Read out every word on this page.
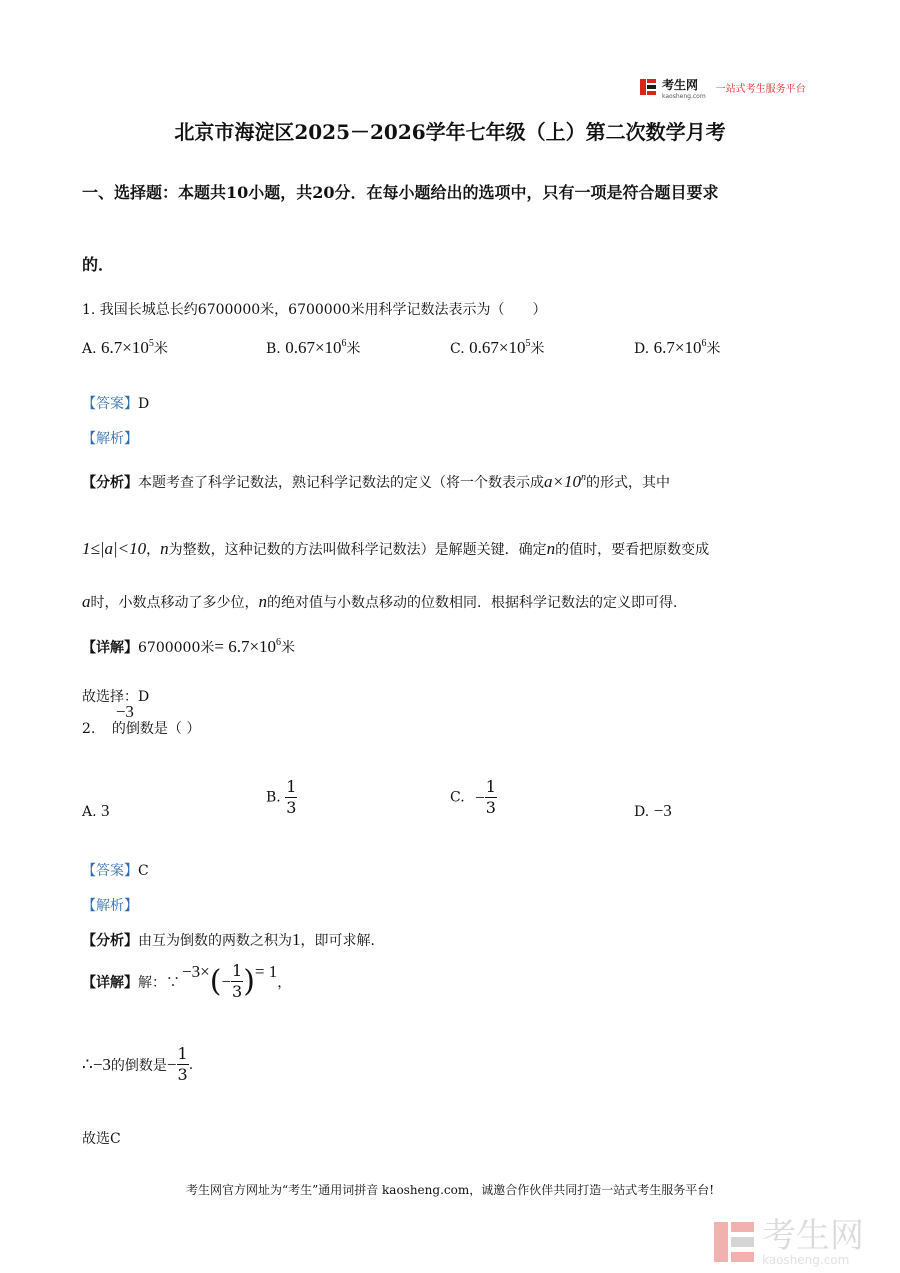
考生网
kaosheng.com
一站式考生服务平台
北京市海淀区2025－2026学年七年级（上）第二次数学月考
一、选择题：本题共10小题，共20分．在每小题给出的选项中，只有一项是符合题目要求
的．
1. 我国长城总长约6700000米，6700000米用科学记数法表示为（　　）
A. $6.7\times 10^5$米	B. $0.67\times 10^6$米	C. $0.67\times 10^5$米	D. $6.7\times 10^6$米
【答案】D
【解析】
【分析】本题考查了科学记数法，熟记科学记数法的定义（将一个数表示成$a\times 10^n$的形式，其中
1≤|a|<10，n为整数，这种记数的方法叫做科学记数法）是解题关键．确定n的值时，要看把原数变成
a时，小数点移动了多少位，n的绝对值与小数点移动的位数相同．根据科学记数法的定义即可得．
【详解】6700000米= $6.7\times 10^6$米
故选择：D
2. −3的倒数是（ ）
A. 3
B. $\frac{1}{3}$	C. − $\frac{1}{3}$	D. −3
【答案】C
【解析】
【分析】由互为倒数的两数之积为1，即可求解．
【详解】 解：∵
−3× ( − $\frac{1}{3}$ ) = 1
，
∴ −3 的倒数是 − $\frac{1}{3}$ .
故选C
考生网官方网址为“考生”通用词拼音 kaosheng.com，诚邀合作伙伴共同打造一站式考生服务平台!
考生网
kaosheng.com
